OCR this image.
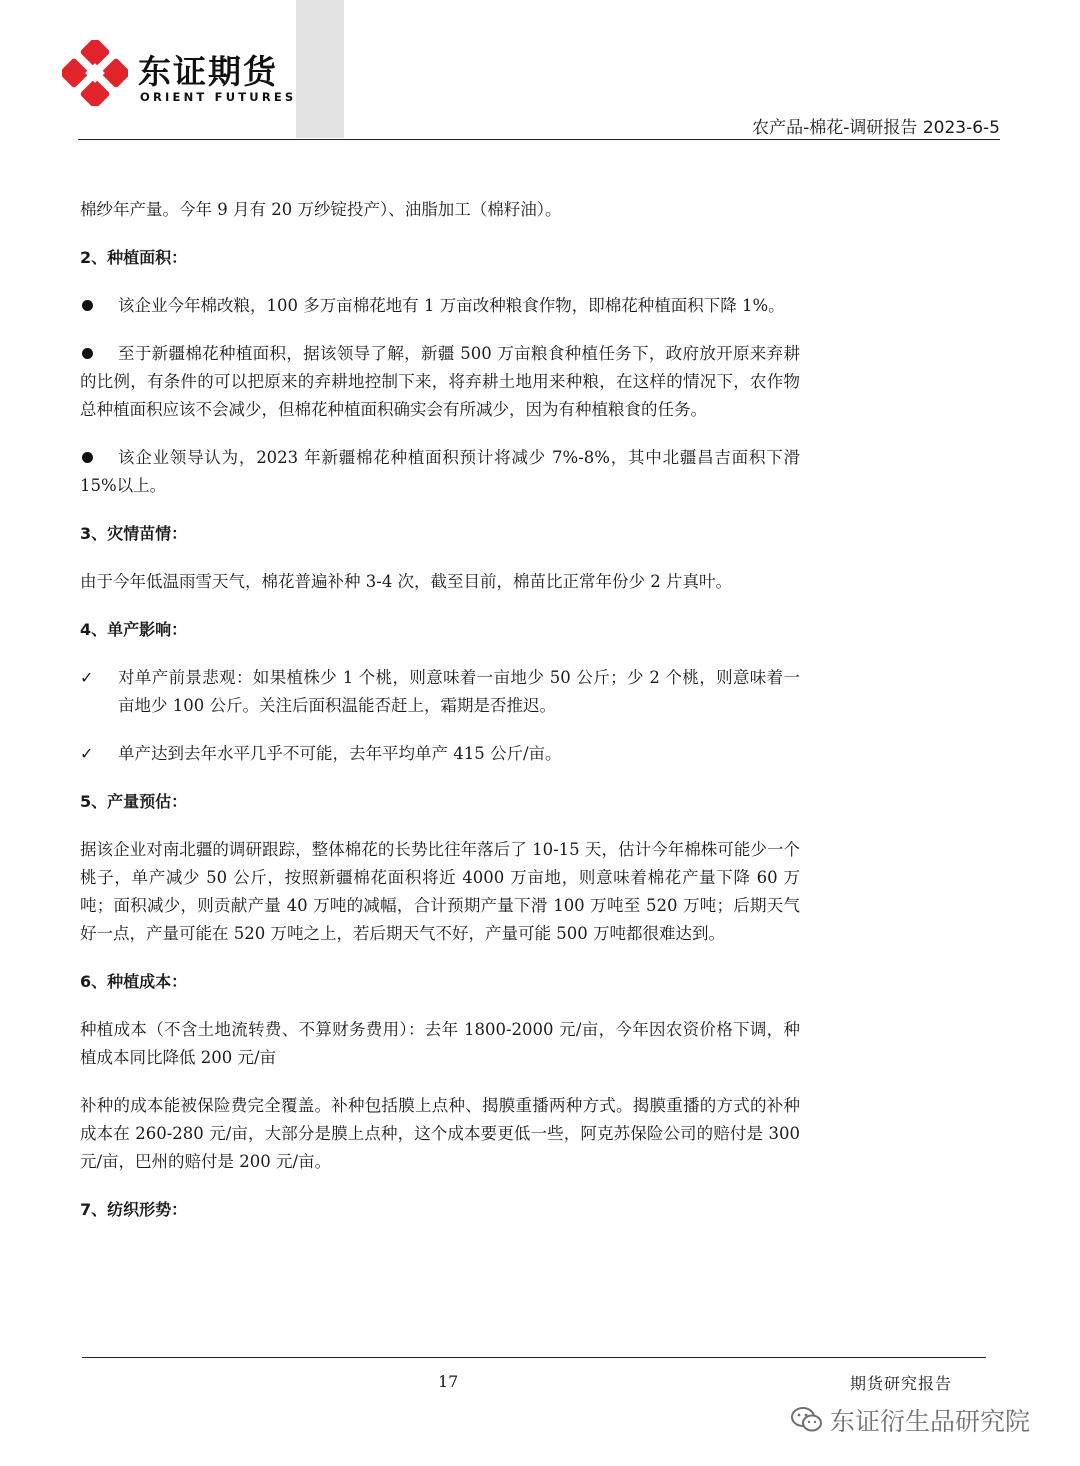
东证期货
ORIENT FUTURES
农产品-棉花-调研报告 2023-6-5

棉纱年产量。今年 9 月有 20 万纱锭投产）、油脂加工（棉籽油）。

2、种植面积：

该企业今年棉改粮，100 多万亩棉花地有 1 万亩改种粮食作物，即棉花种植面积下降 1%。

至于新疆棉花种植面积，据该领导了解，新疆 500 万亩粮食种植任务下，政府放开原来弃耕的比例，有条件的可以把原来的弃耕地控制下来，将弃耕土地用来种粮，在这样的情况下，农作物总种植面积应该不会减少，但棉花种植面积确实会有所减少，因为有种植粮食的任务。

该企业领导认为，2023 年新疆棉花种植面积预计将减少 7%-8%，其中北疆昌吉面积下滑 15%以上。

3、灾情苗情：

由于今年低温雨雪天气，棉花普遍补种 3-4 次，截至目前，棉苗比正常年份少 2 片真叶。

4、单产影响：

✓ 对单产前景悲观：如果植株少 1 个桃，则意味着一亩地少 50 公斤；少 2 个桃，则意味着一亩地少 100 公斤。关注后面积温能否赶上，霜期是否推迟。

✓ 单产达到去年水平几乎不可能，去年平均单产 415 公斤/亩。

5、产量预估：

据该企业对南北疆的调研跟踪，整体棉花的长势比往年落后了 10-15 天，估计今年棉株可能少一个桃子，单产减少 50 公斤，按照新疆棉花面积将近 4000 万亩地，则意味着棉花产量下降 60 万吨；面积减少，则贡献产量 40 万吨的减幅，合计预期产量下滑 100 万吨至 520 万吨；后期天气好一点，产量可能在 520 万吨之上，若后期天气不好，产量可能 500 万吨都很难达到。

6、种植成本：

种植成本（不含土地流转费、不算财务费用）：去年 1800-2000 元/亩，今年因农资价格下调，种植成本同比降低 200 元/亩

补种的成本能被保险费完全覆盖。补种包括膜上点种、揭膜重播两种方式。揭膜重播的方式的补种成本在 260-280 元/亩，大部分是膜上点种，这个成本要更低一些，阿克苏保险公司的赔付是 300 元/亩，巴州的赔付是 200 元/亩。

7、纺织形势：

17	期货研究报告
东证衍生品研究院
